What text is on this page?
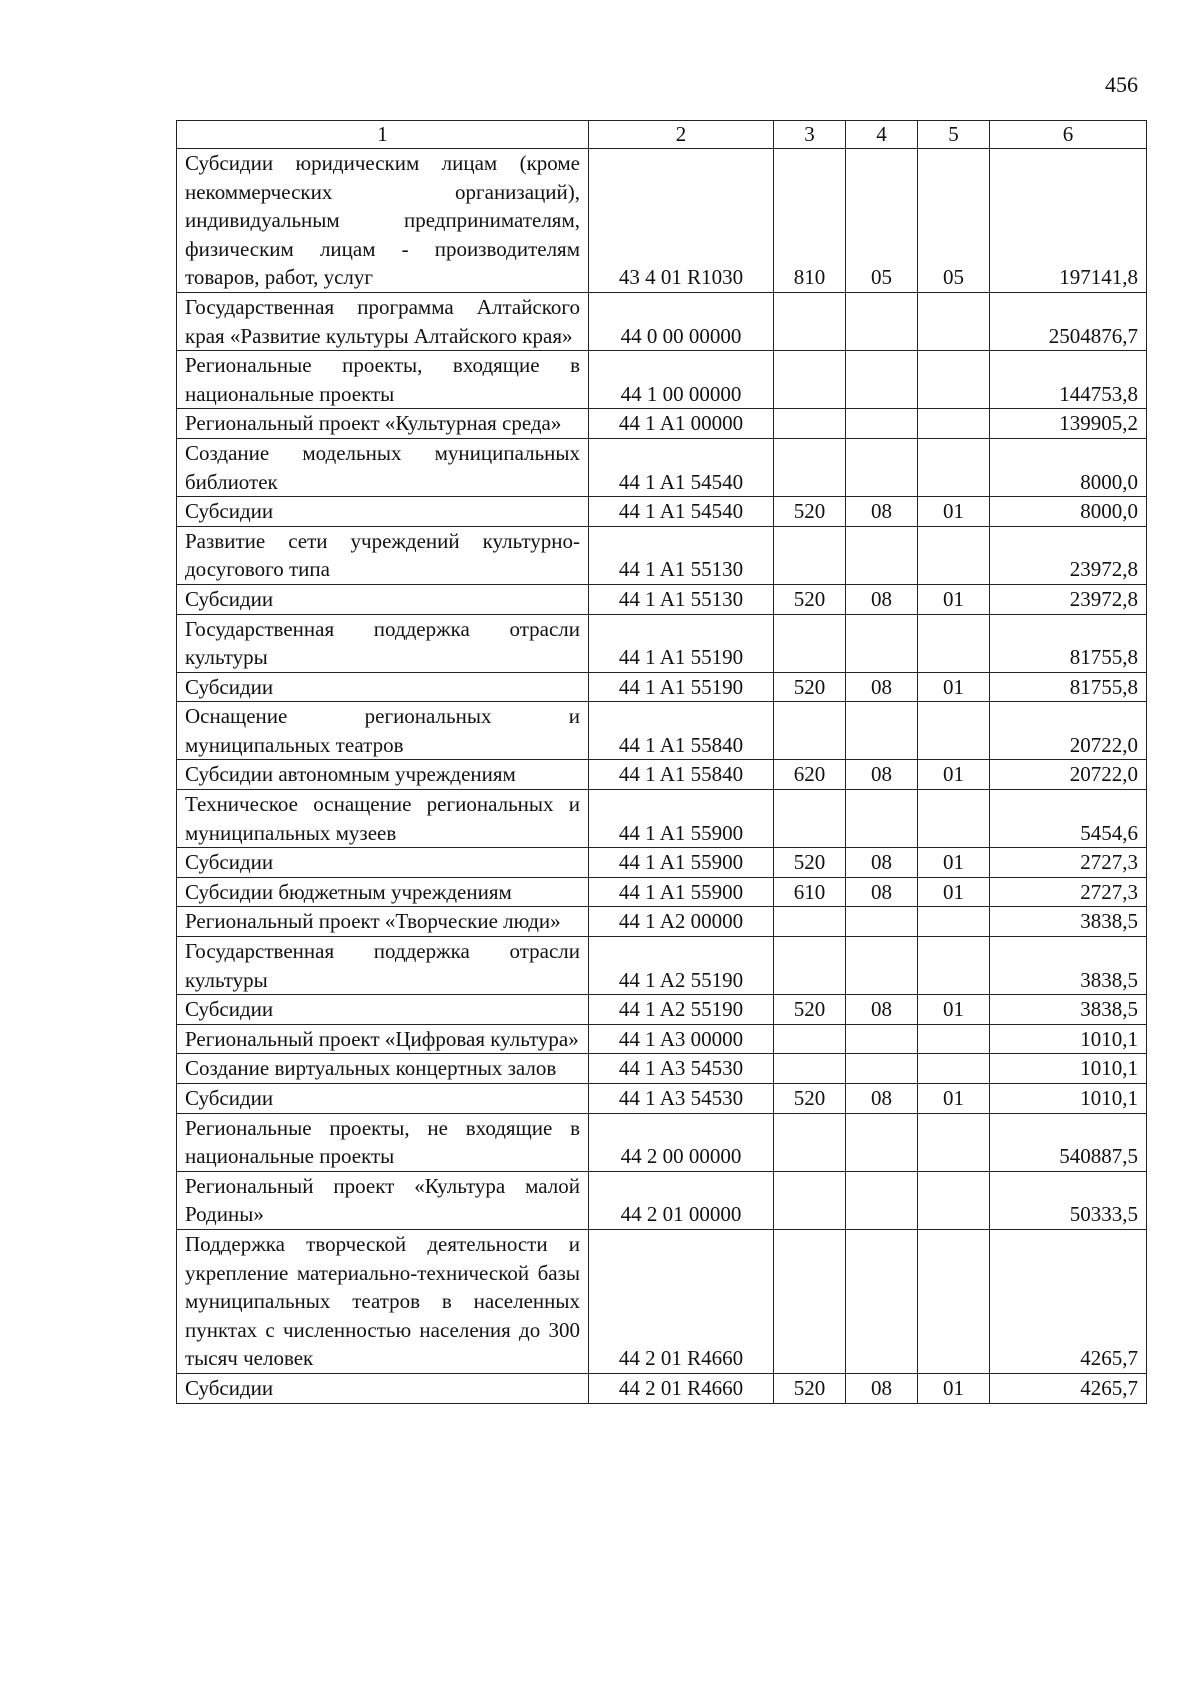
456
1	2	3	4	5	6
Субсидии юридическим лицам (кроме некоммерческих организаций), индивидуальным предпринимателям, физическим лицам - производителям товаров, работ, услуг	43 4 01 R1030	810	05	05	197141,8
Государственная программа Алтайского края «Развитие культуры Алтайского края»	44 0 00 00000				2504876,7
Региональные проекты, входящие в национальные проекты	44 1 00 00000				144753,8
Региональный проект «Культурная среда»	44 1 A1 00000				139905,2
Создание модельных муниципальных библиотек	44 1 A1 54540				8000,0
Субсидии	44 1 A1 54540	520	08	01	8000,0
Развитие сети учреждений культурно-досугового типа	44 1 A1 55130				23972,8
Субсидии	44 1 A1 55130	520	08	01	23972,8
Государственная поддержка отрасли культуры	44 1 A1 55190				81755,8
Субсидии	44 1 A1 55190	520	08	01	81755,8
Оснащение региональных и муниципальных театров	44 1 A1 55840				20722,0
Субсидии автономным учреждениям	44 1 A1 55840	620	08	01	20722,0
Техническое оснащение региональных и муниципальных музеев	44 1 A1 55900				5454,6
Субсидии	44 1 A1 55900	520	08	01	2727,3
Субсидии бюджетным учреждениям	44 1 A1 55900	610	08	01	2727,3
Региональный проект «Творческие люди»	44 1 A2 00000				3838,5
Государственная поддержка отрасли культуры	44 1 A2 55190				3838,5
Субсидии	44 1 A2 55190	520	08	01	3838,5
Региональный проект «Цифровая культура»	44 1 A3 00000				1010,1
Создание виртуальных концертных залов	44 1 A3 54530				1010,1
Субсидии	44 1 A3 54530	520	08	01	1010,1
Региональные проекты, не входящие в национальные проекты	44 2 00 00000				540887,5
Региональный проект «Культура малой Родины»	44 2 01 00000				50333,5
Поддержка творческой деятельности и укрепление материально-технической базы муниципальных театров в населенных пунктах с численностью населения до 300 тысяч человек	44 2 01 R4660				4265,7
Субсидии	44 2 01 R4660	520	08	01	4265,7
